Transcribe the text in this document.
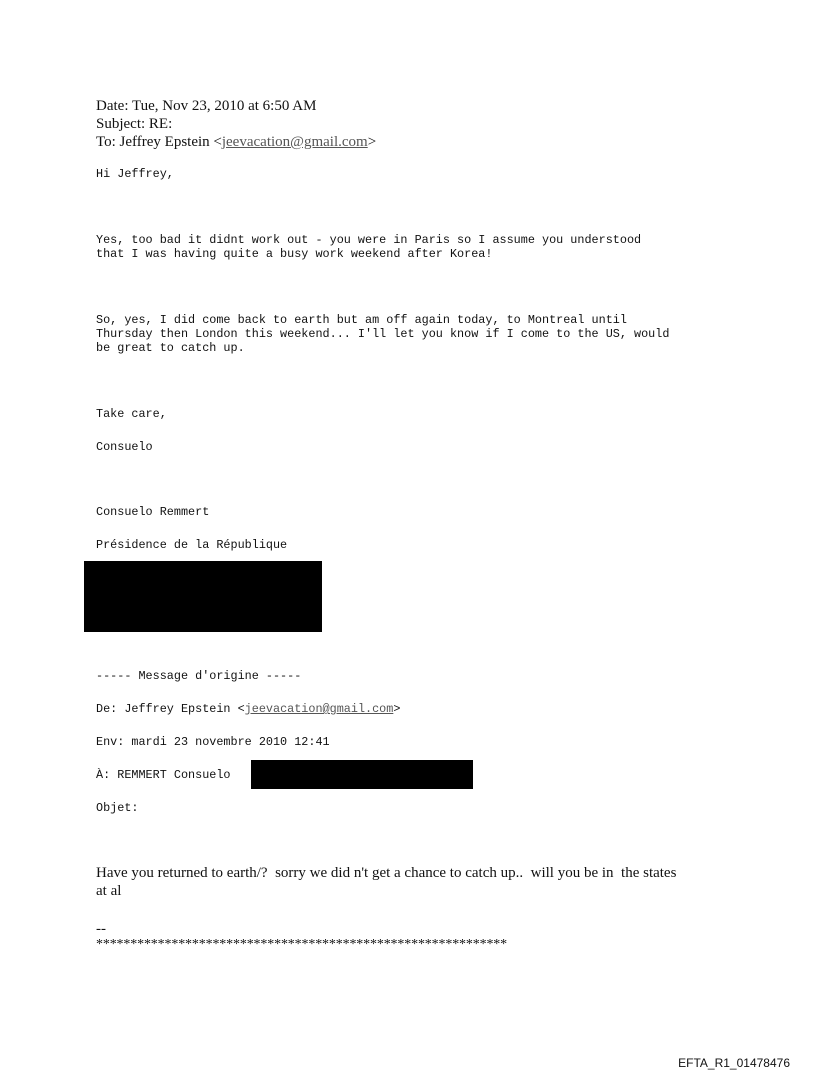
Date: Tue, Nov 23, 2010 at 6:50 AM
Subject: RE:
To: Jeffrey Epstein <jeevacation@gmail.com>
Hi Jeffrey,
Yes, too bad it didnt work out - you were in Paris so I assume you understood
that I was having quite a busy work weekend after Korea!
So, yes, I did come back to earth but am off again today, to Montreal until
Thursday then London this weekend... I'll let you know if I come to the US, would
be great to catch up.
Take care,
Consuelo
Consuelo Remmert
Présidence de la République
----- Message d'origine -----
De: Jeffrey Epstein <jeevacation@gmail.com>
Env: mardi 23 novembre 2010 12:41
À: REMMERT Consuelo
Objet:
Have you returned to earth/?  sorry we did n't get a chance to catch up..  will you be in  the states
at al
--
************************************************************
EFTA_R1_01478476
